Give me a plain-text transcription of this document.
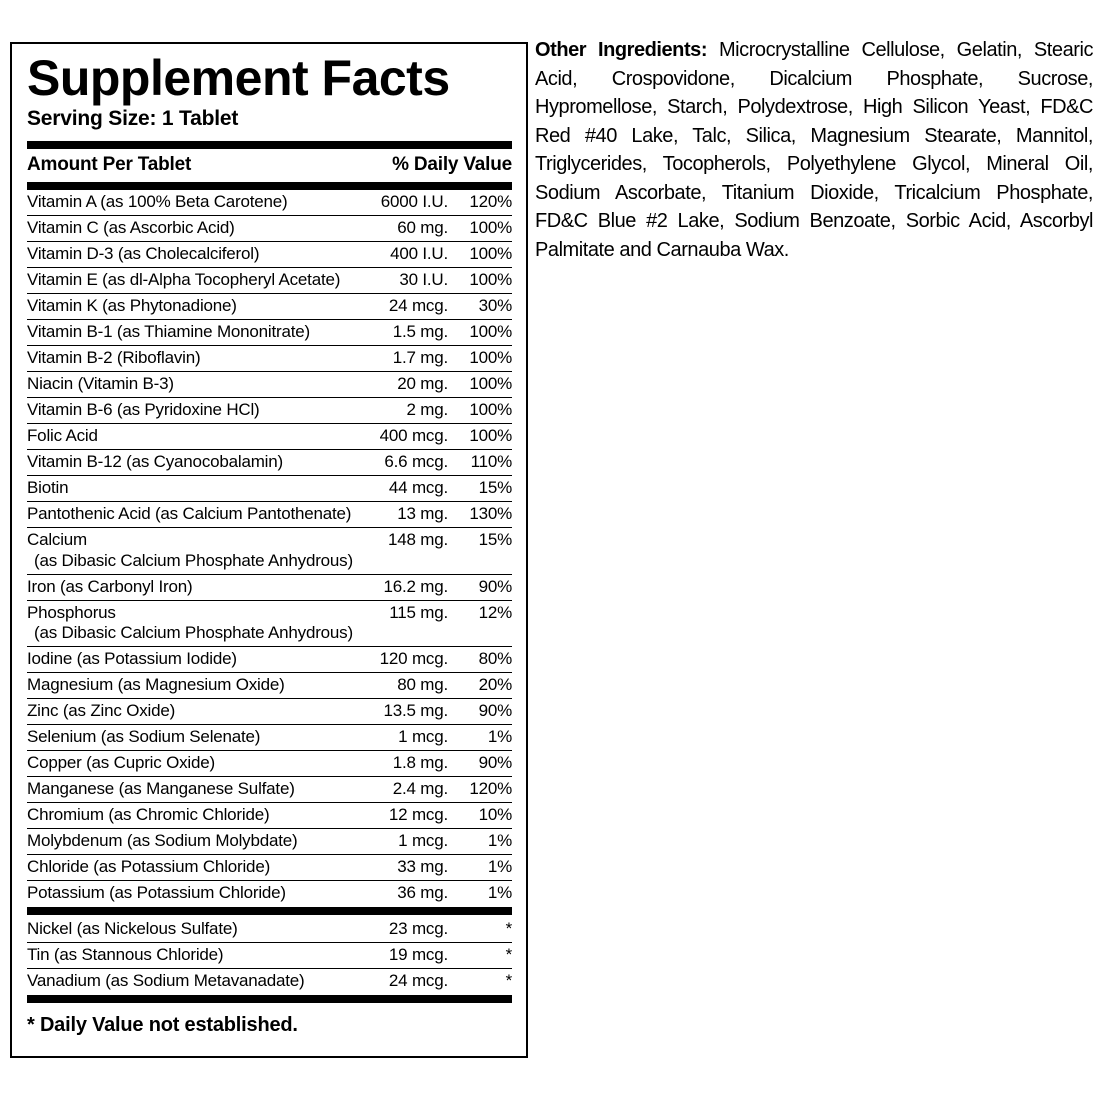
Supplement Facts
Serving Size: 1 Tablet
Amount Per Tablet	% Daily Value
Vitamin A (as 100% Beta Carotene)	6000 I.U.	120%
Vitamin C (as Ascorbic Acid)	60 mg.	100%
Vitamin D-3 (as Cholecalciferol)	400 I.U.	100%
Vitamin E (as dl-Alpha Tocopheryl Acetate)	30 I.U.	100%
Vitamin K (as Phytonadione)	24 mcg.	30%
Vitamin B-1 (as Thiamine Mononitrate)	1.5 mg.	100%
Vitamin B-2 (Riboflavin)	1.7 mg.	100%
Niacin (Vitamin B-3)	20 mg.	100%
Vitamin B-6 (as Pyridoxine HCl)	2 mg.	100%
Folic Acid	400 mcg.	100%
Vitamin B-12 (as Cyanocobalamin)	6.6 mcg.	110%
Biotin	44 mcg.	15%
Pantothenic Acid (as Calcium Pantothenate)	13 mg.	130%
Calcium
(as Dibasic Calcium Phosphate Anhydrous)
148 mg.	15%
Iron (as Carbonyl Iron)	16.2 mg.	90%
Phosphorus
(as Dibasic Calcium Phosphate Anhydrous)
115 mg.	12%
Iodine (as Potassium Iodide)	120 mcg.	80%
Magnesium (as Magnesium Oxide)	80 mg.	20%
Zinc (as Zinc Oxide)	13.5 mg.	90%
Selenium (as Sodium Selenate)	1 mcg.	1%
Copper (as Cupric Oxide)	1.8 mg.	90%
Manganese (as Manganese Sulfate)	2.4 mg.	120%
Chromium (as Chromic Chloride)	12 mcg.	10%
Molybdenum (as Sodium Molybdate)	1 mcg.	1%
Chloride (as Potassium Chloride)	33 mg.	1%
Potassium (as Potassium Chloride)	36 mg.	1%
Nickel (as Nickelous Sulfate)	23 mcg.	*
Tin (as Stannous Chloride)	19 mcg.	*
Vanadium (as Sodium Metavanadate)	24 mcg.	*
* Daily Value not established.
Other Ingredients: Microcrystalline Cellulose, Gelatin, Stearic Acid, Crospovidone, Dicalcium Phosphate, Sucrose, Hypromellose, Starch, Polydextrose, High Silicon Yeast, FD&C Red #40 Lake, Talc, Silica, Magnesium Stearate, Mannitol, Triglycerides, Tocopherols, Polyethylene Glycol, Mineral Oil, Sodium Ascorbate, Titanium Dioxide, Tricalcium Phosphate, FD&C Blue #2 Lake, Sodium Benzoate, Sorbic Acid, Ascorbyl Palmitate and Carnauba Wax.
